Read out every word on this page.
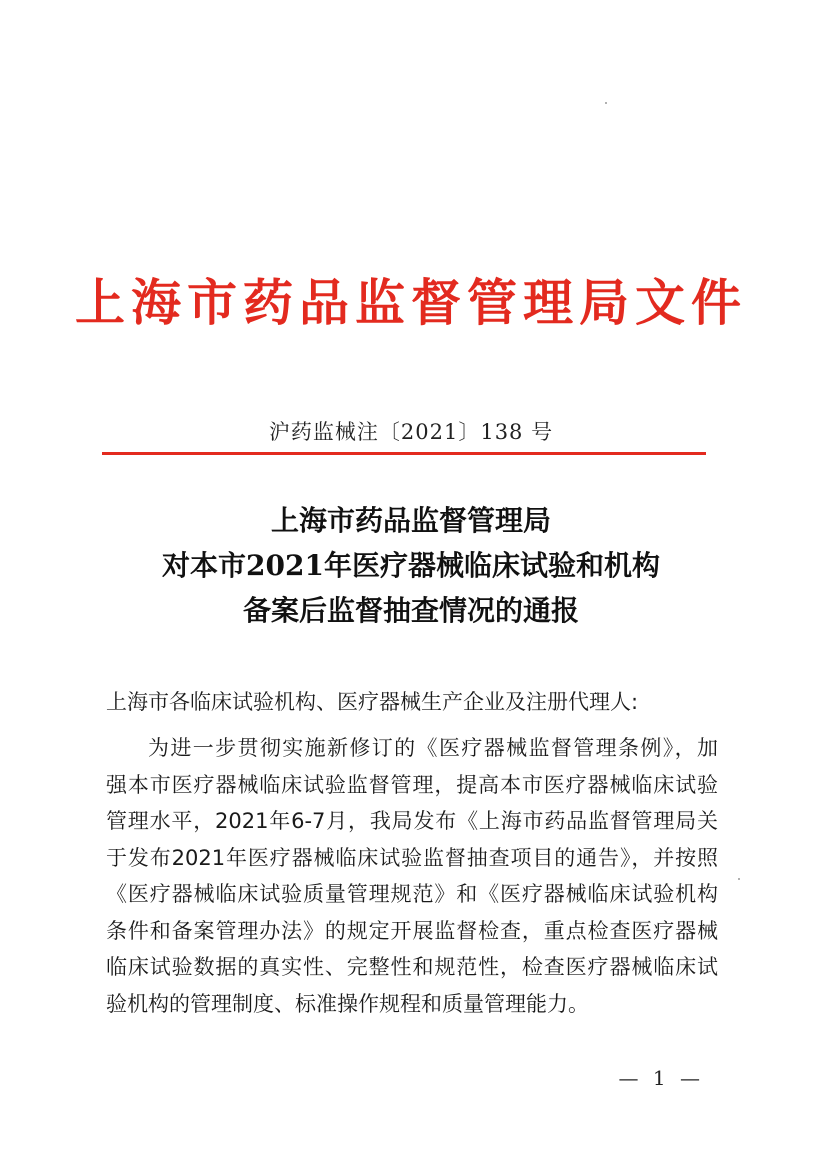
上海市药品监督管理局文件
沪药监械注〔2021〕138 号
上海市药品监督管理局
对本市2021年医疗器械临床试验和机构
备案后监督抽查情况的通报
上海市各临床试验机构、医疗器械生产企业及注册代理人:
为进一步贯彻实施新修订的《医疗器械监督管理条例》，加
强本市医疗器械临床试验监督管理，提高本市医疗器械临床试验
管理水平，2021年6-7月，我局发布《上海市药品监督管理局关
于发布2021年医疗器械临床试验监督抽查项目的通告》，并按照
《医疗器械临床试验质量管理规范》和《医疗器械临床试验机构
条件和备案管理办法》的规定开展监督检查，重点检查医疗器械
临床试验数据的真实性、完整性和规范性，检查医疗器械临床试
验机构的管理制度、标准操作规程和质量管理能力。
— 1 —
